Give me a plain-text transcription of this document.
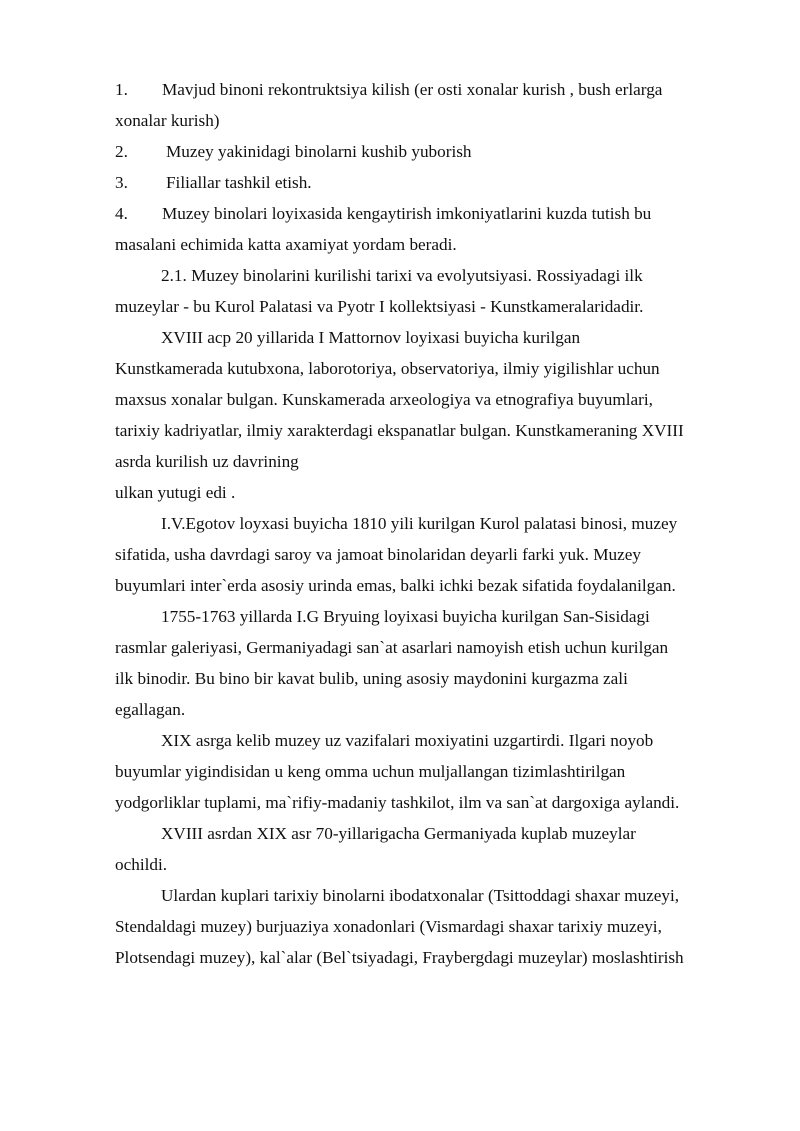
1. Mavjud binoni rekontruktsiya kilish (er osti xonalar kurish , bush erlarga
xonalar kurish)
2. Muzey yakinidagi binolarni kushib yuborish
3. Filiallar tashkil etish.
4. Muzey binolari loyixasida kengaytirish imkoniyatlarini kuzda tutish bu
masalani echimida katta axamiyat yordam beradi.
2.1. Muzey binolarini kurilishi tarixi va evolyutsiyasi. Rossiyadagi ilk
muzeylar - bu Kurol Palatasi va Pyotr I kollektsiyasi - Kunstkameralaridadir.
XVIII acp 20 yillarida I Mattornov loyixasi buyicha kurilgan
Kunstkamerada kutubxona, laborotoriya, observatoriya, ilmiy yigilishlar uchun
maxsus xonalar bulgan. Kunskamerada arxeologiya va etnografiya buyumlari,
tarixiy kadriyatlar, ilmiy xarakterdagi ekspanatlar bulgan. Kunstkameraning XVIII
asrda kurilish uz davrining
ulkan yutugi edi .
I.V.Egotov loyxasi buyicha 1810 yili kurilgan Kurol palatasi binosi, muzey
sifatida, usha davrdagi saroy va jamoat binolaridan deyarli farki yuk. Muzey
buyumlari inter`erda asosiy urinda emas, balki ichki bezak sifatida foydalanilgan.
1755-1763 yillarda I.G Bryuing loyixasi buyicha kurilgan San-Sisidagi
rasmlar galeriyasi, Germaniyadagi san`at asarlari namoyish etish uchun kurilgan
ilk binodir. Bu bino bir kavat bulib, uning asosiy maydonini kurgazma zali
egallagan.
XIX asrga kelib muzey uz vazifalari moxiyatini uzgartirdi. Ilgari noyob
buyumlar yigindisidan u keng omma uchun muljallangan tizimlashtirilgan
yodgorliklar tuplami, ma`rifiy-madaniy tashkilot, ilm va san`at dargoxiga aylandi.
XVIII asrdan XIX asr 70-yillarigacha Germaniyada kuplab muzeylar
ochildi.
Ulardan kuplari tarixiy binolarni ibodatxonalar (Tsittoddagi shaxar muzeyi,
Stendaldagi muzey) burjuaziya xonadonlari (Vismardagi shaxar tarixiy muzeyi,
Plotsendagi muzey), kal`alar (Bel`tsiyadagi, Fraybergdagi muzeylar) moslashtirish
